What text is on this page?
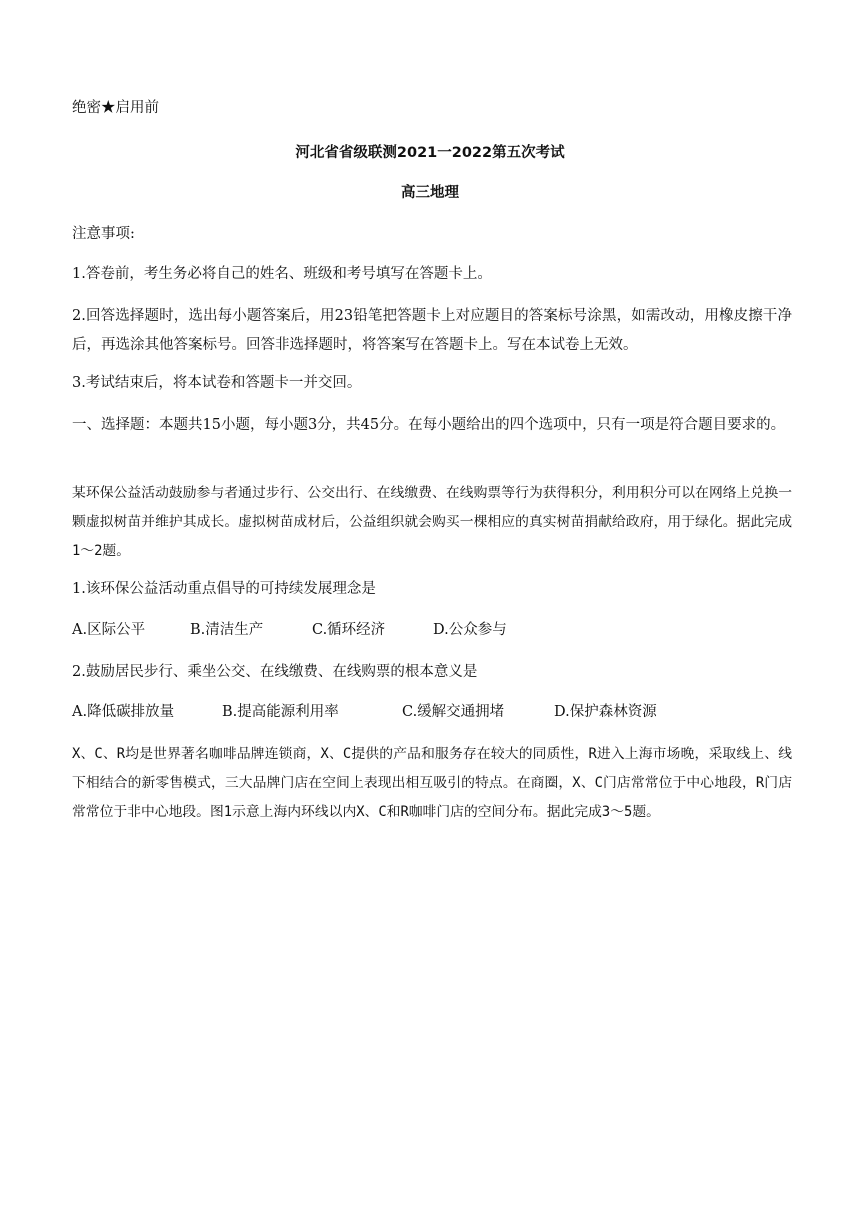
绝密★启用前
河北省省级联测2021一2022第五次考试
高三地理
注意事项:
1.答卷前，考生务必将自己的姓名、班级和考号填写在答题卡上。
2.回答选择题时，选出每小题答案后，用23铅笔把答题卡上对应题目的答案标号涂黑，如需改动，用橡皮擦干净后，再选涂其他答案标号。回答非选择题时，将答案写在答题卡上。写在本试卷上无效。
3.考试结束后，将本试卷和答题卡一并交回。
一、选择题：本题共15小题，每小题3分，共45分。在每小题给出的四个选项中，只有一项是符合题目要求的。
某环保公益活动鼓励参与者通过步行、公交出行、在线缴费、在线购票等行为获得积分，利用积分可以在网络上兑换一颗虚拟树苗并维护其成长。虚拟树苗成材后，公益组织就会购买一棵相应的真实树苗捐献给政府，用于绿化。据此完成1～2题。
1.该环保公益活动重点倡导的可持续发展理念是
A.区际公平	B.清洁生产	C.循环经济	D.公众参与
2.鼓励居民步行、乘坐公交、在线缴费、在线购票的根本意义是
A.降低碳排放量	B.提高能源利用率	C.缓解交通拥堵	D.保护森林资源
X、C、R均是世界著名咖啡品牌连锁商，X、C提供的产品和服务存在较大的同质性，R进入上海市场晚，采取线上、线下相结合的新零售模式，三大品牌门店在空间上表现出相互吸引的特点。在商圈，X、C门店常常位于中心地段，R门店常常位于非中心地段。图1示意上海内环线以内X、C和R咖啡门店的空间分布。据此完成3～5题。
